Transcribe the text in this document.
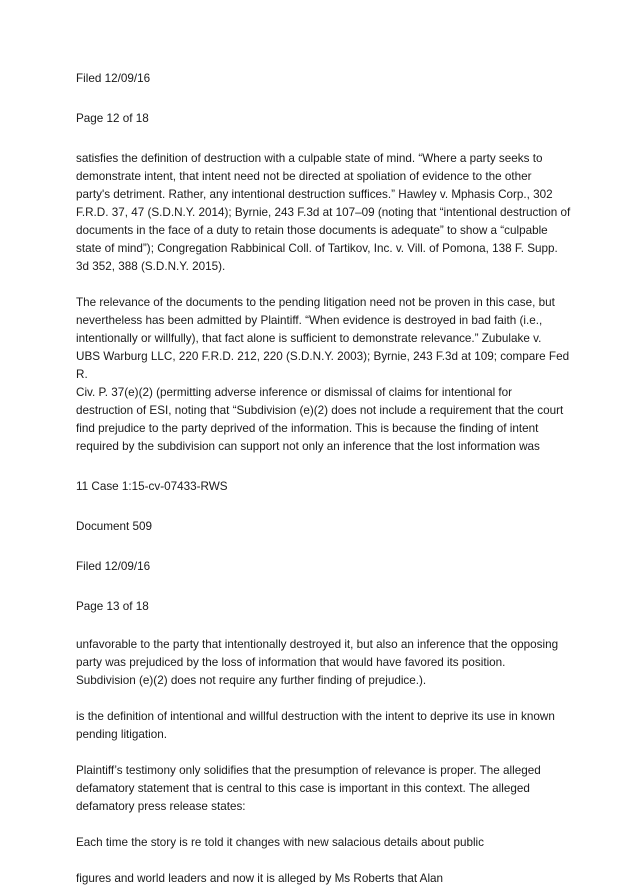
Filed 12/09/16

Page 12 of 18

satisfies the definition of destruction with a culpable state of mind. “Where a party seeks to
demonstrate intent, that intent need not be directed at spoliation of evidence to the other
party's detriment. Rather, any intentional destruction suffices.” Hawley v. Mphasis Corp., 302
F.R.D. 37, 47 (S.D.N.Y. 2014); Byrnie, 243 F.3d at 107–09 (noting that “intentional destruction of
documents in the face of a duty to retain those documents is adequate” to show a “culpable
state of mind”); Congregation Rabbinical Coll. of Tartikov, Inc. v. Vill. of Pomona, 138 F. Supp.
3d 352, 388 (S.D.N.Y. 2015).

The relevance of the documents to the pending litigation need not be proven in this case, but
nevertheless has been admitted by Plaintiff. “When evidence is destroyed in bad faith (i.e.,
intentionally or willfully), that fact alone is sufficient to demonstrate relevance.” Zubulake v.
UBS Warburg LLC, 220 F.R.D. 212, 220 (S.D.N.Y. 2003); Byrnie, 243 F.3d at 109; compare Fed R.
Civ. P. 37(e)(2) (permitting adverse inference or dismissal of claims for intentional for
destruction of ESI, noting that “Subdivision (e)(2) does not include a requirement that the court
find prejudice to the party deprived of the information. This is because the finding of intent
required by the subdivision can support not only an inference that the lost information was

11 Case 1:15-cv-07433-RWS

Document 509

Filed 12/09/16

Page 13 of 18

unfavorable to the party that intentionally destroyed it, but also an inference that the opposing
party was prejudiced by the loss of information that would have favored its position.
Subdivision (e)(2) does not require any further finding of prejudice.).

is the definition of intentional and willful destruction with the intent to deprive its use in known
pending litigation.

Plaintiff’s testimony only solidifies that the presumption of relevance is proper. The alleged
defamatory statement that is central to this case is important in this context. The alleged
defamatory press release states:

Each time the story is re told it changes with new salacious details about public

figures and world leaders and now it is alleged by Ms Roberts that Alan
